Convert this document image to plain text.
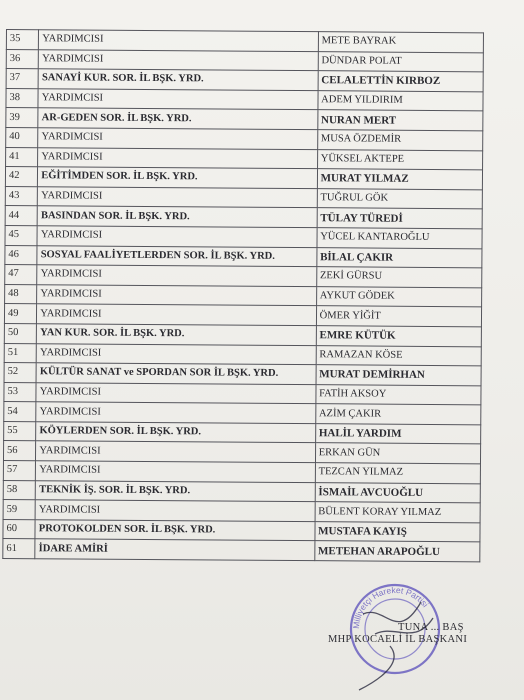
35	YARDIMCISI	METE BAYRAK
36	YARDIMCISI	DÜNDAR POLAT
37	SANAYİ KUR. SOR. İL BŞK. YRD.	CELALETTİN KIRBOZ
38	YARDIMCISI	ADEM YILDIRIM
39	AR-GEDEN SOR. İL BŞK. YRD.	NURAN MERT
40	YARDIMCISI	MUSA ÖZDEMİR
41	YARDIMCISI	YÜKSEL AKTEPE
42	EĞİTİMDEN SOR. İL BŞK. YRD.	MURAT YILMAZ
43	YARDIMCISI	TUĞRUL GÖK
44	BASINDAN SOR. İL BŞK. YRD.	TÜLAY TÜREDİ
45	YARDIMCISI	YÜCEL KANTAROĞLU
46	SOSYAL FAALİYETLERDEN SOR. İL BŞK. YRD.	BİLAL ÇAKIR
47	YARDIMCISI	ZEKİ GÜRSU
48	YARDIMCISI	AYKUT GÖDEK
49	YARDIMCISI	ÖMER YİĞİT
50	YAN KUR. SOR. İL BŞK. YRD.	EMRE KÜTÜK
51	YARDIMCISI	RAMAZAN KÖSE
52	KÜLTÜR SANAT ve SPORDAN SOR İL BŞK. YRD.	MURAT DEMİRHAN
53	YARDIMCISI	FATİH AKSOY
54	YARDIMCISI	AZİM ÇAKIR
55	KÖYLERDEN SOR. İL BŞK. YRD.	HALİL YARDIM
56	YARDIMCISI	ERKAN GÜN
57	YARDIMCISI	TEZCAN YILMAZ
58	TEKNİK İŞ. SOR. İL BŞK. YRD.	İSMAİL AVCUOĞLU
59	YARDIMCISI	BÜLENT KORAY YILMAZ
60	PROTOKOLDEN SOR. İL BŞK. YRD.	MUSTAFA KAYIŞ
61	İDARE AMİRİ	METEHAN ARAPOĞLU
Milliyetçi Hareket Partisi
TUNA ... BAŞ
MHP KOCAELİ İL BAŞKANI
